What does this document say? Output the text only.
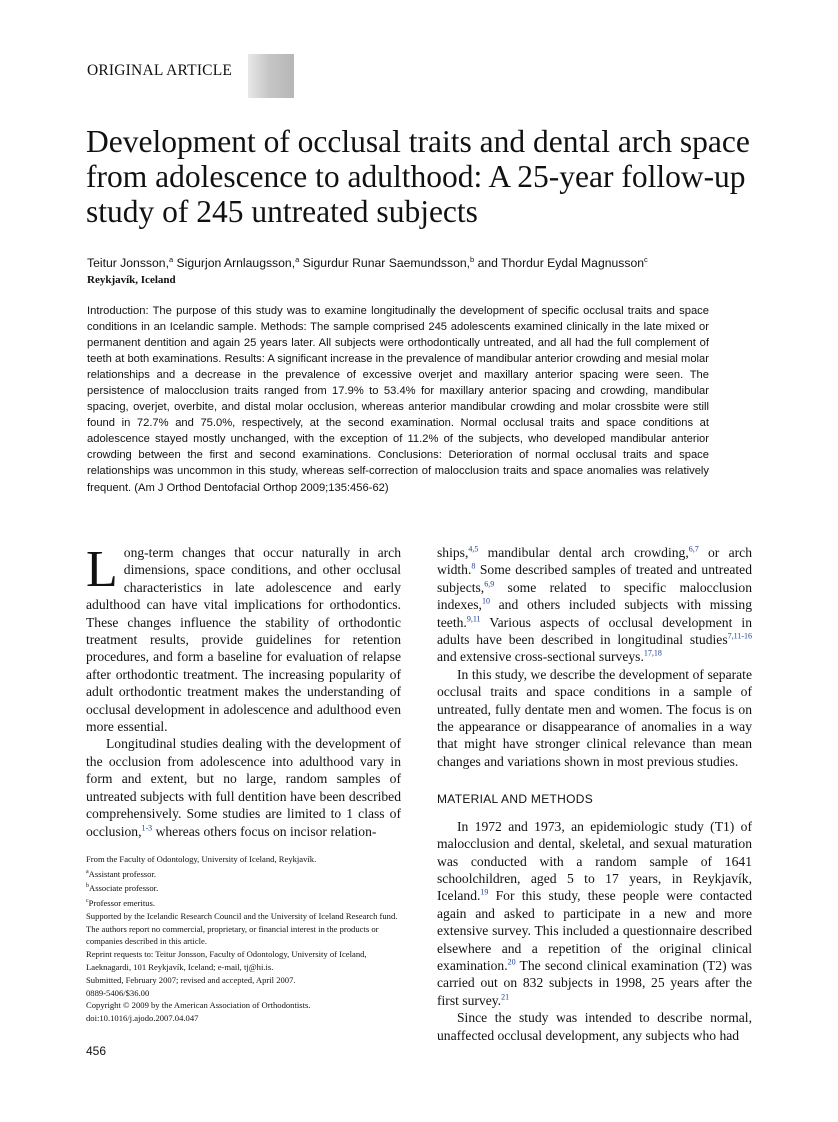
ORIGINAL ARTICLE
Development of occlusal traits and dental arch space from adolescence to adulthood: A 25-year follow-up study of 245 untreated subjects
Teitur Jonsson,$^a$ Sigurjon Arnlaugsson,$^a$ Sigurdur Runar Saemundsson,$^b$ and Thordur Eydal Magnusson$^c$
Reykjavík, Iceland

Introduction: The purpose of this study was to examine longitudinally the development of specific occlusal traits and space conditions in an Icelandic sample. Methods: The sample comprised 245 adolescents examined clinically in the late mixed or permanent dentition and again 25 years later. All subjects were orthodontically untreated, and all had the full complement of teeth at both examinations. Results: A significant increase in the prevalence of mandibular anterior crowding and mesial molar relationships and a decrease in the prevalence of excessive overjet and maxillary anterior spacing were seen. The persistence of malocclusion traits ranged from 17.9% to 53.4% for maxillary anterior spacing and crowding, mandibular spacing, overjet, overbite, and distal molar occlusion, whereas anterior mandibular crowding and molar crossbite were still found in 72.7% and 75.0%, respectively, at the second examination. Normal occlusal traits and space conditions at adolescence stayed mostly unchanged, with the exception of 11.2% of the subjects, who developed mandibular anterior crowding between the first and second examinations. Conclusions: Deterioration of normal occlusal traits and space relationships was uncommon in this study, whereas self-correction of malocclusion traits and space anomalies was relatively frequent. (Am J Orthod Dentofacial Orthop 2009;135:456-62)

Long-term changes that occur naturally in arch dimensions, space conditions, and other occlusal characteristics in late adolescence and early adulthood can have vital implications for orthodontics. These changes influence the stability of orthodontic treatment results, provide guidelines for retention procedures, and form a baseline for evaluation of relapse after orthodontic treatment. The increasing popularity of adult orthodontic treatment makes the understanding of occlusal development in adolescence and adulthood even more essential.

Longitudinal studies dealing with the development of the occlusion from adolescence into adulthood vary in form and extent, but no large, random samples of untreated subjects with full dentition have been described comprehensively. Some studies are limited to 1 class of occlusion,$^{1-3}$ whereas others focus on incisor relation-

ships,$^{4,5}$ mandibular dental arch crowding,$^{6,7}$ or arch width.$^8$ Some described samples of treated and untreated subjects,$^{6,9}$ some related to specific malocclusion indexes,$^{10}$ and others included subjects with missing teeth.$^{9,11}$ Various aspects of occlusal development in adults have been described in longitudinal studies$^{7,11-16}$ and extensive cross-sectional surveys.$^{17,18}$

In this study, we describe the development of separate occlusal traits and space conditions in a sample of untreated, fully dentate men and women. The focus is on the appearance or disappearance of anomalies in a way that might have stronger clinical relevance than mean changes and variations shown in most previous studies.

MATERIAL AND METHODS

In 1972 and 1973, an epidemiologic study (T1) of malocclusion and dental, skeletal, and sexual maturation was conducted with a random sample of 1641 schoolchildren, aged 5 to 17 years, in Reykjavík, Iceland.$^{19}$ For this study, these people were contacted again and asked to participate in a new and more extensive survey. This included a questionnaire described elsewhere and a repetition of the original clinical examination.$^{20}$ The second clinical examination (T2) was carried out on 832 subjects in 1998, 25 years after the first survey.$^{21}$

Since the study was intended to describe normal, unaffected occlusal development, any subjects who had

From the Faculty of Odontology, University of Iceland, Reykjavík.

$^a$Assistant professor.

$^b$Associate professor.

$^c$Professor emeritus.

Supported by the Icelandic Research Council and the University of Iceland Research fund.

The authors report no commercial, proprietary, or financial interest in the products or companies described in this article.

Reprint requests to: Teitur Jonsson, Faculty of Odontology, University of Iceland, Laeknagardi, 101 Reykjavík, Iceland; e-mail, tj@hi.is.

Submitted, February 2007; revised and accepted, April 2007.

0889-5406/$36.00

Copyright © 2009 by the American Association of Orthodontists.

doi:10.1016/j.ajodo.2007.04.047

456
